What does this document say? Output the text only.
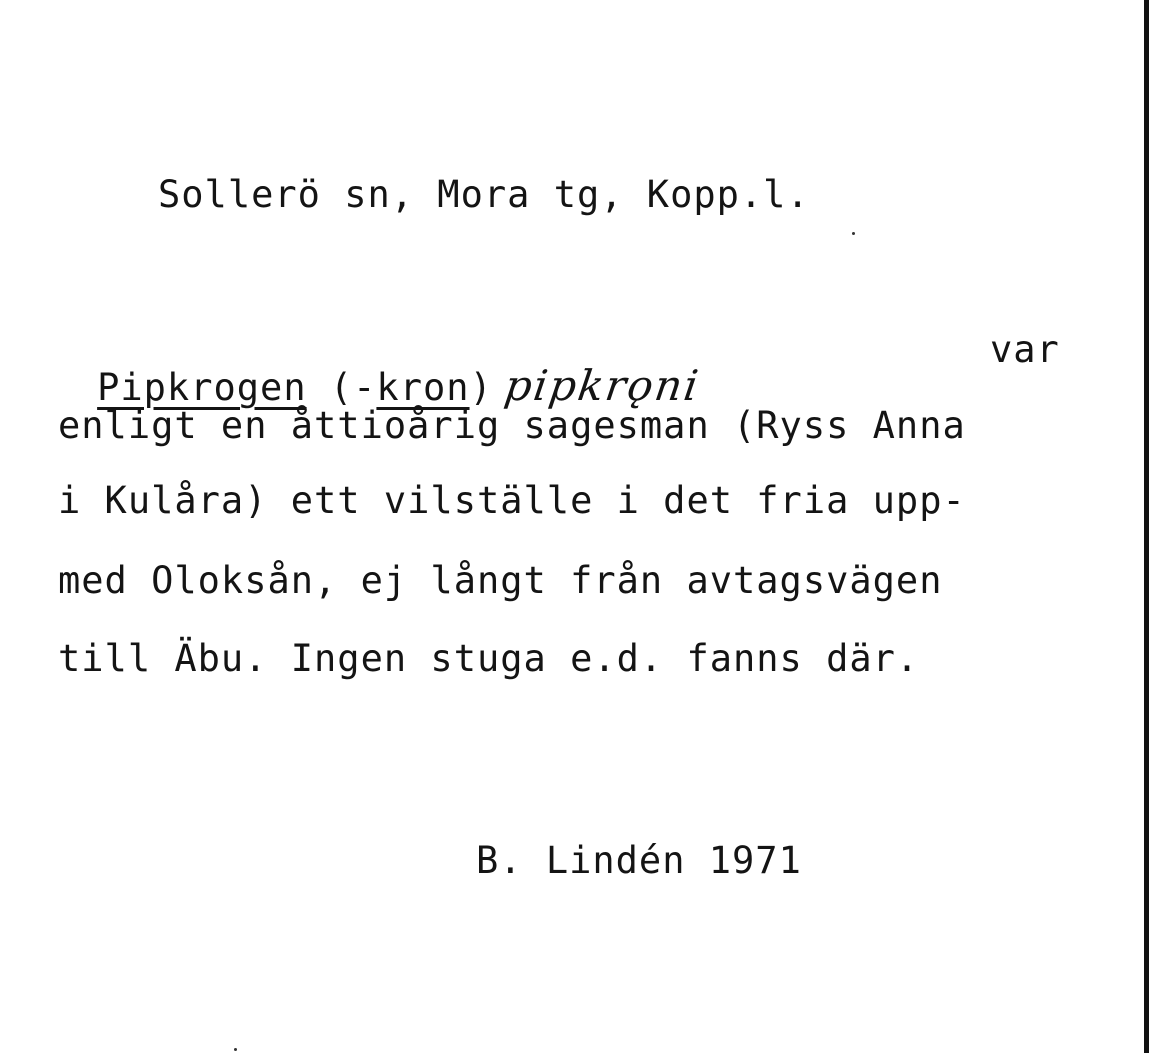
Sollerö sn, Mora tg, Kopp.l.

Pipkrogen (-kron) pipkrǫni

var
enligt en åttioårig sagesman (Ryss Anna
i Kulåra) ett vilställe i det fria upp-
med Oloksån, ej långt från avtagsvägen
till Äbu. Ingen stuga e.d. fanns där.
B. Lindén 1971
